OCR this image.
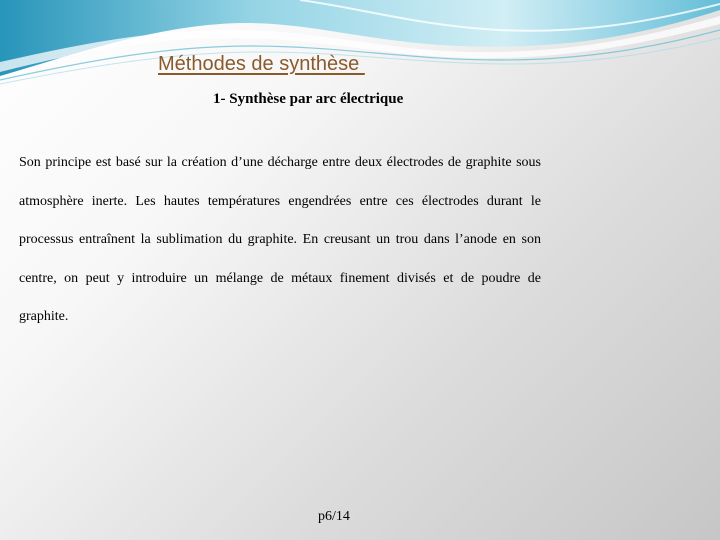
Méthodes de synthèse
1- Synthèse par arc électrique
Son principe est basé sur la création d’une décharge entre deux électrodes de graphite sous atmosphère inerte. Les hautes températures engendrées entre ces électrodes durant le processus entraînent la sublimation du graphite. En creusant un trou dans l’anode en son centre, on peut y introduire un mélange de métaux finement divisés et de poudre de graphite.
p6/14
